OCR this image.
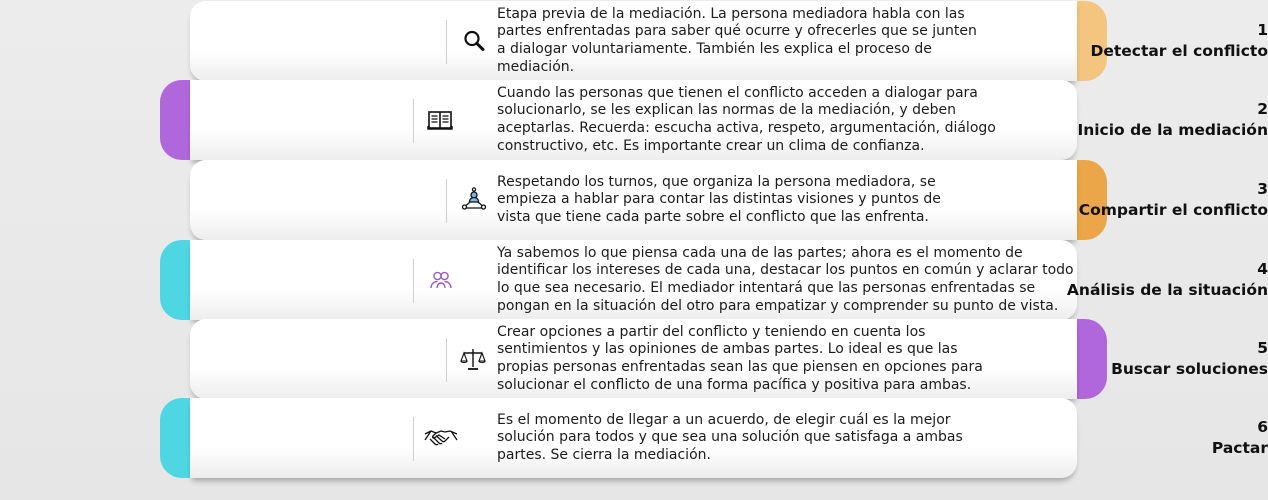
1
Detectar el conflicto
Etapa previa de la mediación. La persona mediadora habla con las partes enfrentadas para saber qué ocurre y ofrecerles que se junten a dialogar voluntariamente. También les explica el proceso de mediación.
2
Inicio de la mediación
Cuando las personas que tienen el conflicto acceden a dialogar para solucionarlo, se les explican las normas de la mediación, y deben aceptarlas. Recuerda: escucha activa, respeto, argumentación, diálogo constructivo, etc. Es importante crear un clima de confianza.
3
Compartir el conflicto
Respetando los turnos, que organiza la persona mediadora, se empieza a hablar para contar las distintas visiones y puntos de vista que tiene cada parte sobre el conflicto que las enfrenta.
4
Análisis de la situación
Ya sabemos lo que piensa cada una de las partes; ahora es el momento de identificar los intereses de cada una, destacar los puntos en común y aclarar todo lo que sea necesario. El mediador intentará que las personas enfrentadas se pongan en la situación del otro para empatizar y comprender su punto de vista.
5
Buscar soluciones
Crear opciones a partir del conflicto y teniendo en cuenta los sentimientos y las opiniones de ambas partes. Lo ideal es que las propias personas enfrentadas sean las que piensen en opciones para solucionar el conflicto de una forma pacífica y positiva para ambas.
6
Pactar
Es el momento de llegar a un acuerdo, de elegir cuál es la mejor solución para todos y que sea una solución que satisfaga a ambas partes. Se cierra la mediación.
